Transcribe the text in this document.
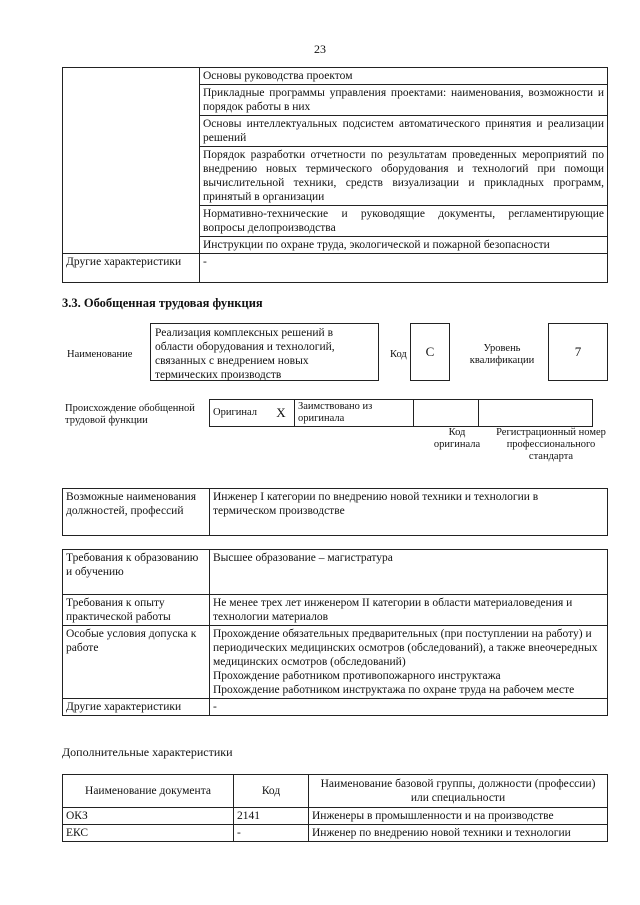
23
	Основы руководства проектом
	Прикладные программы управления проектами: наименования, возможности и порядок работы в них
	Основы интеллектуальных подсистем автоматического принятия и реализации решений
	Порядок разработки отчетности по результатам проведенных мероприятий по внедрению новых термического оборудования и технологий при помощи вычислительной техники, средств визуализации и прикладных программ, принятый в организации
	Нормативно-технические и руководящие документы, регламентирующие вопросы делопроизводства
	Инструкции по охране труда, экологической и пожарной безопасности
Другие характеристики	-
3.3. Обобщенная трудовая функция
Наименование
Реализация комплексных решений в области оборудования и технологий, связанных с внедрением новых термических производств
Код	C	Уровень квалификации
7
Происхождение обобщенной трудовой функции
Оригинал	X	Заимствовано из оригинала		
Код оригинала
Регистрационный номер профессионального стандарта
Возможные наименования должностей, профессий	Инженер I категории по внедрению новой техники и технологии в термическом производстве
Требования к образованию и обучению	Высшее образование – магистратура
Требования к опыту практической работы	Не менее трех лет инженером II категории в области материаловедения и технологии материалов
Особые условия допуска к работе	Прохождение обязательных предварительных (при поступлении на работу) и периодических медицинских осмотров (обследований), а также внеочередных медицинских осмотров (обследований)
Прохождение работником противопожарного инструктажа
Прохождение работником инструктажа по охране труда на рабочем месте

Другие характеристики	-
Дополнительные характеристики
Наименование документа	Код	Наименование базовой группы, должности (профессии) или специальности
ОКЗ	2141	Инженеры в промышленности и на производстве
ЕКС	-	Инженер по внедрению новой техники и технологии
